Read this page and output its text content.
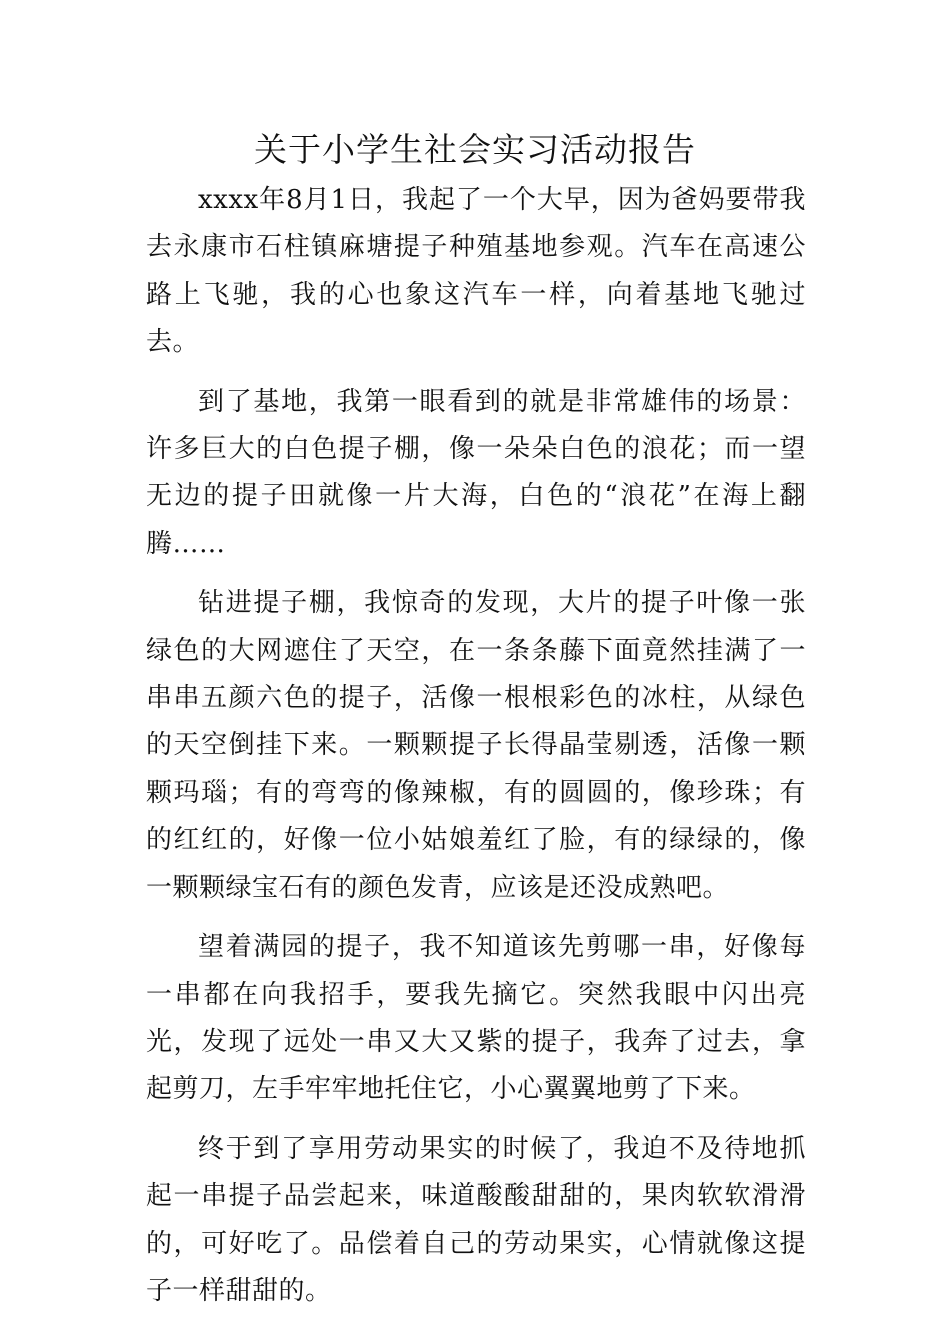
关于小学生社会实习活动报告

xxxx年8月1日，我起了一个大早，因为爸妈要带我去永康市石柱镇麻塘提子种殖基地参观。汽车在高速公路上飞驰，我的心也象这汽车一样，向着基地飞驰过去。

到了基地，我第一眼看到的就是非常雄伟的场景：许多巨大的白色提子棚，像一朵朵白色的浪花；而一望无边的提子田就像一片大海，白色的“浪花”在海上翻腾……

钻进提子棚，我惊奇的发现，大片的提子叶像一张绿色的大网遮住了天空，在一条条藤下面竟然挂满了一串串五颜六色的提子，活像一根根彩色的冰柱，从绿色的天空倒挂下来。一颗颗提子长得晶莹剔透，活像一颗颗玛瑙；有的弯弯的像辣椒，有的圆圆的，像珍珠；有的红红的，好像一位小姑娘羞红了脸，有的绿绿的，像一颗颗绿宝石有的颜色发青，应该是还没成熟吧。

望着满园的提子，我不知道该先剪哪一串，好像每一串都在向我招手，要我先摘它。突然我眼中闪出亮光，发现了远处一串又大又紫的提子，我奔了过去，拿起剪刀，左手牢牢地托住它，小心翼翼地剪了下来。

终于到了享用劳动果实的时候了，我迫不及待地抓起一串提子品尝起来，味道酸酸甜甜的，果肉软软滑滑的，可好吃了。品偿着自己的劳动果实，心情就像这提子一样甜甜的。
